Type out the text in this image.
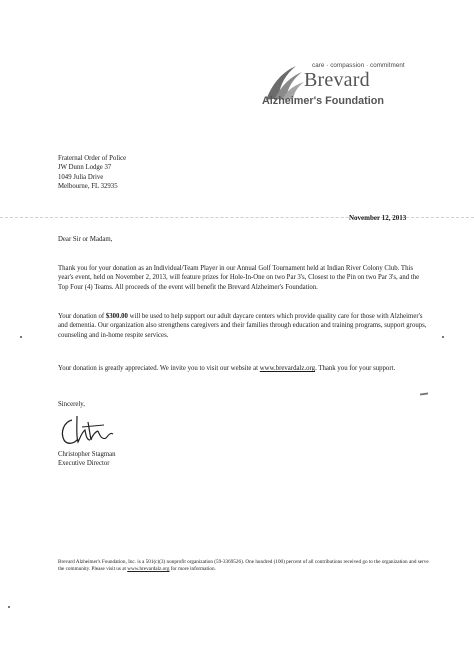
care · compassion · commitment
Brevard
Alzheimer's Foundation
Fraternal Order of Police
JW Dunn Lodge 37
1049 Julia Drive
Melbourne, FL 32935
November 12, 2013
Dear Sir or Madam,

Thank you for your donation as an Individual/Team Player in our Annual Golf Tournament held at Indian River Colony Club. This year's event, held on November 2, 2013, will feature prizes for Hole-In-One on two Par 3's, Closest to the Pin on two Par 3's, and the Top Four (4) Teams. All proceeds of the event will benefit the Brevard Alzheimer's Foundation.

Your donation of $300.00 will be used to help support our adult daycare centers which provide quality care for those with Alzheimer's and dementia. Our organization also strengthens caregivers and their families through education and training programs, support groups, counseling and in-home respite services.

Your donation is greatly appreciated. We invite you to visit our website at www.brevardalz.org. Thank you for your support.

Sincerely,
Christopher Stagman
Executive Director
Brevard Alzheimer's Foundation, Inc. is a 501(c)(3) nonprofit organization (59-3369526). One hundred (100) percent of all contributions received go to the organization and serve the community. Please visit us at www.brevardalz.org for more information.
